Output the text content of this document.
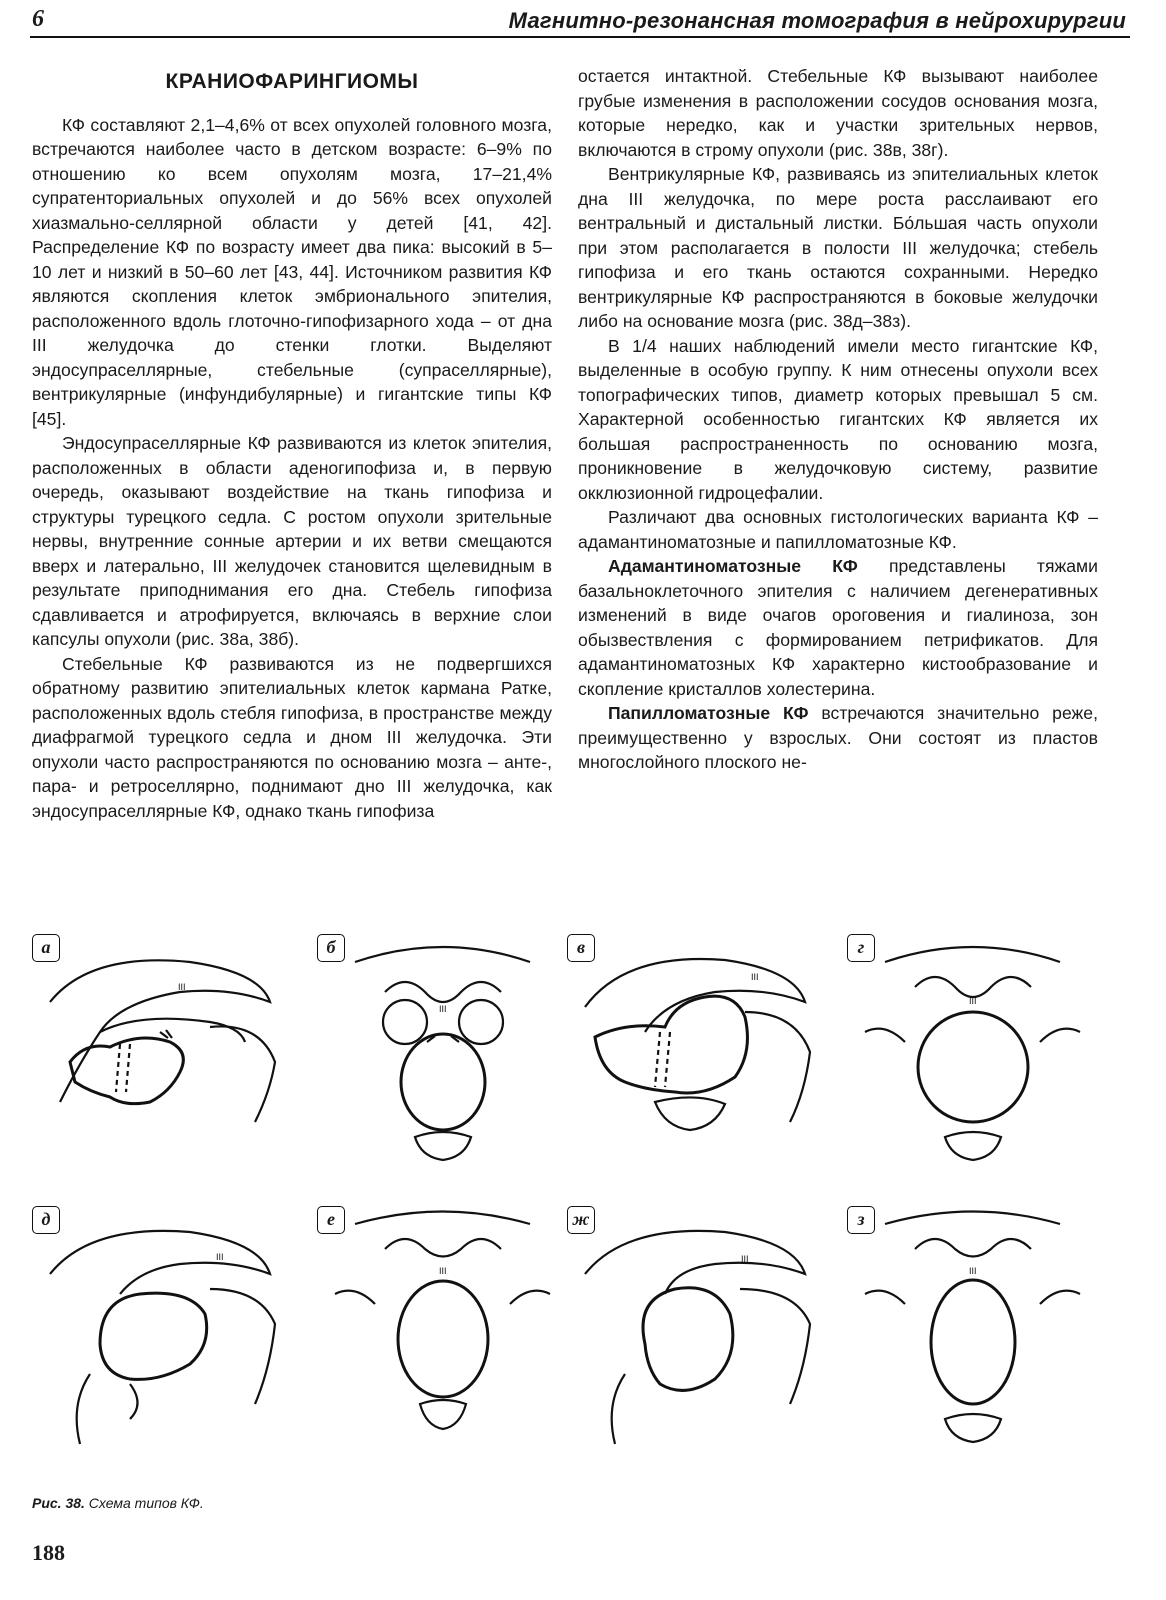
6	Магнитно-резонансная томография в нейрохирургии
КРАНИОФАРИНГИОМЫ

КФ составляют 2,1–4,6% от всех опухолей головного мозга, встречаются наиболее часто в детском возрасте: 6–9% по отношению ко всем опухолям мозга, 17–21,4% супратенториальных опухолей и до 56% всех опухолей хиазмально-селлярной области у детей [41, 42]. Распределение КФ по возрасту имеет два пика: высокий в 5–10 лет и низкий в 50–60 лет [43, 44]. Источником развития КФ являются скопления клеток эмбрионального эпителия, расположенного вдоль глоточно-гипофизарного хода – от дна III желудочка до стенки глотки. Выделяют эндосупраселлярные, стебельные (супраселлярные), вентрикулярные (инфундибулярные) и гигантские типы КФ [45].

Эндосупраселлярные КФ развиваются из клеток эпителия, расположенных в области аденогипофиза и, в первую очередь, оказывают воздействие на ткань гипофиза и структуры турецкого седла. С ростом опухоли зрительные нервы, внутренние сонные артерии и их ветви смещаются вверх и латерально, III желудочек становится щелевидным в результате приподнимания его дна. Стебель гипофиза сдавливается и атрофируется, включаясь в верхние слои капсулы опухоли (рис. 38а, 38б).

Стебельные КФ развиваются из не подвергшихся обратному развитию эпителиальных клеток кармана Ратке, расположенных вдоль стебля гипофиза, в пространстве между диафрагмой турецкого седла и дном III желудочка. Эти опухоли часто распространяются по основанию мозга – анте-, пара- и ретроселлярно, поднимают дно III желудочка, как эндосупраселлярные КФ, однако ткань гипофиза

остается интактной. Стебельные КФ вызывают наиболее грубые изменения в расположении сосудов основания мозга, которые нередко, как и участки зрительных нервов, включаются в строму опухоли (рис. 38в, 38г).

Вентрикулярные КФ, развиваясь из эпителиальных клеток дна III желудочка, по мере роста расслаивают его вентральный и дистальный листки. Бо́льшая часть опухоли при этом располагается в полости III желудочка; стебель гипофиза и его ткань остаются сохранными. Нередко вентрикулярные КФ распространяются в боковые желудочки либо на основание мозга (рис. 38д–38з).

В 1/4 наших наблюдений имели место гигантские КФ, выделенные в особую группу. К ним отнесены опухоли всех топографических типов, диаметр которых превышал 5 см. Характерной особенностью гигантских КФ является их большая распространенность по основанию мозга, проникновение в желудочковую систему, развитие окклюзионной гидроцефалии.

Различают два основных гистологических варианта КФ – адамантиноматозные и папилломатозные КФ.

Адамантиноматозные КФ представлены тяжами базальноклеточного эпителия с наличием дегенеративных изменений в виде очагов ороговения и гиалиноза, зон обызвествления с формированием петрификатов. Для адамантиноматозных КФ характерно кистообразование и скопление кристаллов холестерина.

Папилломатозные КФ встречаются значительно реже, преимущественно у взрослых. Они состоят из пластов многослойного плоского не-

III
а
III
б
III
в
III
г
III
д
III
е
III
ж
III
з
Рис. 38. Схема типов КФ.
188
